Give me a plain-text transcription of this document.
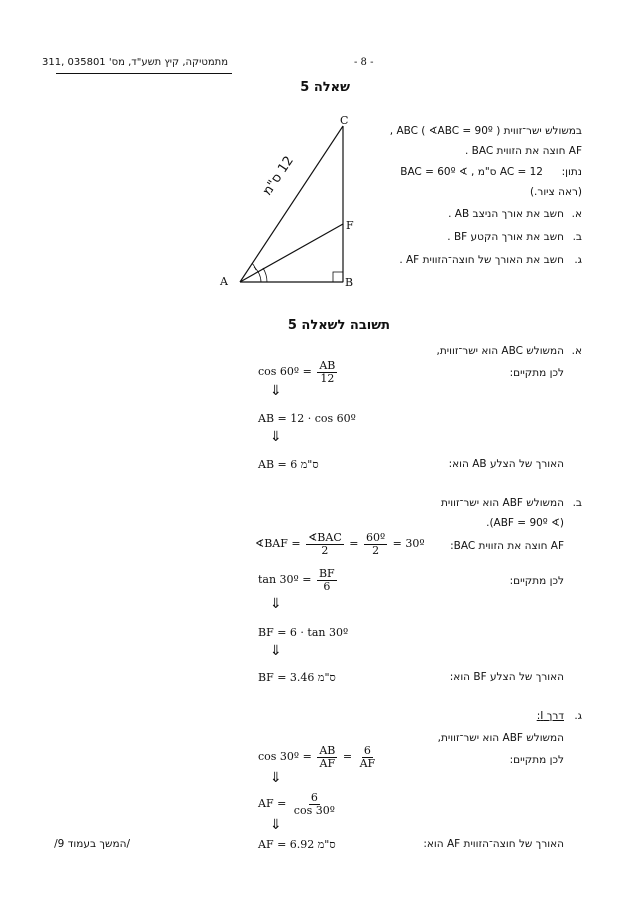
מתמטיקה, קיץ תשע"ד, מס' 035801 ,311	- 8 -
שאלה 5
A	B
C
F
12 ס"מ
במשולש ישר־זווית ABC ( ∢ABC = 90º ) ,
AF חוצה את הזווית BAC .
נתון:
AC = 12 ס"מ , ∢ BAC = 60º
(ראה ציור.)
א.
חשב את אורך הניצב AB .
ב.
חשב את אורך הקטע BF .
ג.
חשב את האורך של חוצה־הזווית AF .
תשובה לשאלה 5
א.
המשולש ABC הוא ישר־זווית,
לכן מתקיים:
cos 60º = $\frac{AB}{12}$
⇓
AB = 12 · cos 60º
⇓
AB = 6 ס"מ	האורך של הצלע AB הוא:
ב.
המשולש ABF הוא ישר־זווית
(∢ ABF = 90º).
AF חוצה את הזווית BAC:
∢BAF = $\frac{\text{∢BAC}}{2} = \frac{\text{60º}}{2}$ = 30º
לכן מתקיים:
tan 30º = $\frac{BF}{6}$
⇓
BF = 6 · tan 30º
⇓
BF = 3.46 ס"מ	האורך של הצלע BF הוא:
ג.
דרך I:
המשולש ABF הוא ישר־זווית,
לכן מתקיים:
cos 30º = $\frac{AB}{AF} = \frac{6}{AF}$
⇓
AF = $\frac{6}{\text{cos 30º}}$
⇓
AF = 6.92 ס"מ	האורך של חוצה־הזווית AF הוא:
/המשך בעמוד 9/
